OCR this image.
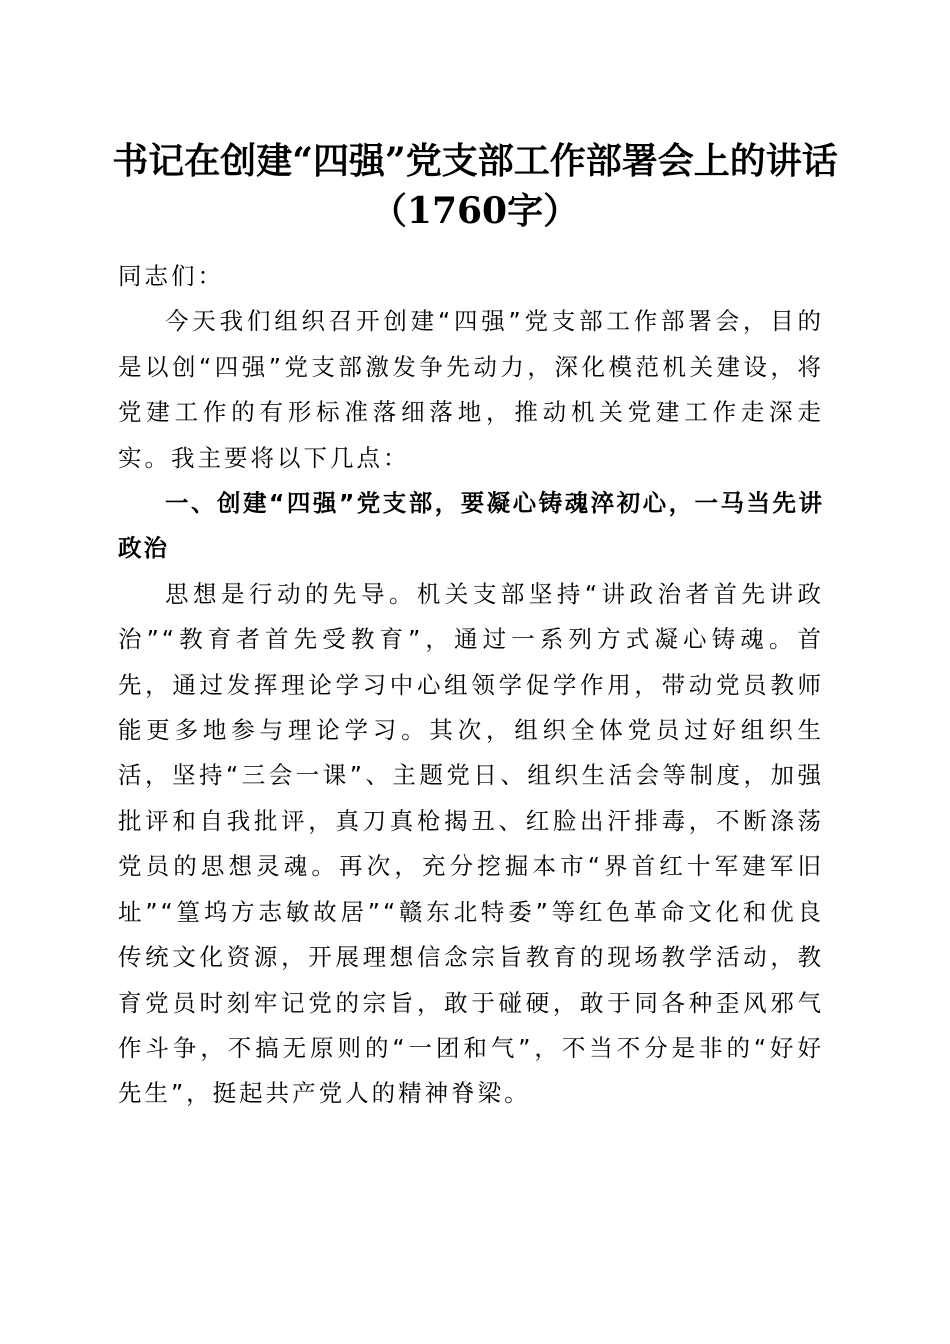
书记在创建“四强”党支部工作部署会上的讲话（1760字）

同志们：

今天我们组织召开创建“四强”党支部工作部署会，目的是以创“四强”党支部激发争先动力，深化模范机关建设，将党建工作的有形标准落细落地，推动机关党建工作走深走实。我主要将以下几点：

一、创建“四强”党支部，要凝心铸魂淬初心，一马当先讲政治

思想是行动的先导。机关支部坚持“讲政治者首先讲政治”“教育者首先受教育”，通过一系列方式凝心铸魂。首先，通过发挥理论学习中心组领学促学作用，带动党员教师能更多地参与理论学习。其次，组织全体党员过好组织生活，坚持“三会一课”、主题党日、组织生活会等制度，加强批评和自我批评，真刀真枪揭丑、红脸出汗排毒，不断涤荡党员的思想灵魂。再次，充分挖掘本市“界首红十军建军旧址”“篁坞方志敏故居”“赣东北特委”等红色革命文化和优良传统文化资源，开展理想信念宗旨教育的现场教学活动，教育党员时刻牢记党的宗旨，敢于碰硬，敢于同各种歪风邪气作斗争，不搞无原则的“一团和气”，不当不分是非的“好好先生”，挺起共产党人的精神脊梁。
